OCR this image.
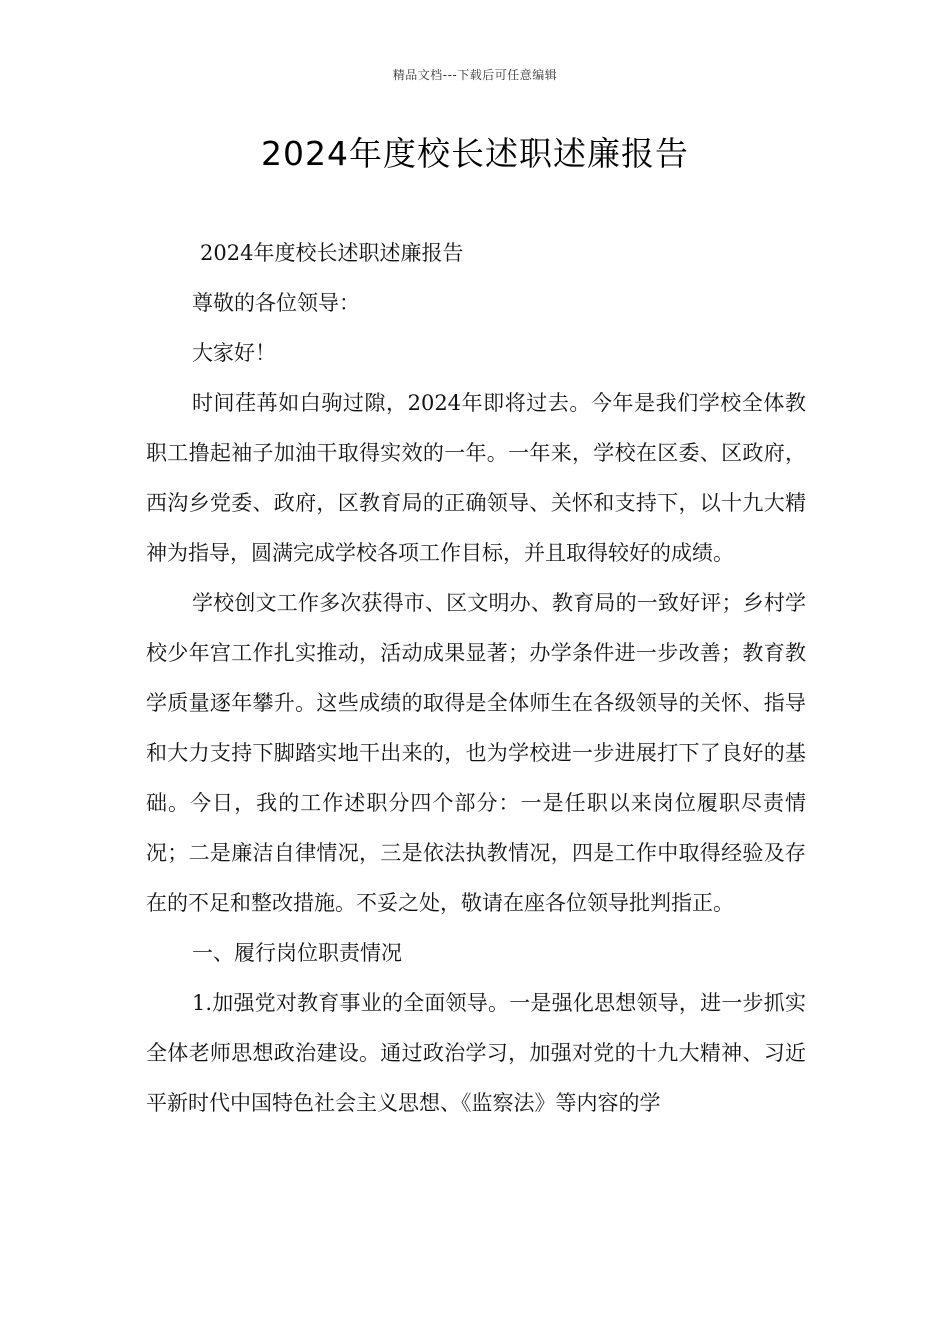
精品文档---下载后可任意编辑
2024年度校长述职述廉报告

2024年度校长述职述廉报告

尊敬的各位领导：

大家好！

时间荏苒如白驹过隙，2024年即将过去。今年是我们学校全体教职工撸起袖子加油干取得实效的一年。一年来，学校在区委、区政府，西沟乡党委、政府，区教育局的正确领导、关怀和支持下，以十九大精神为指导，圆满完成学校各项工作目标，并且取得较好的成绩。

学校创文工作多次获得市、区文明办、教育局的一致好评；乡村学校少年宫工作扎实推动，活动成果显著；办学条件进一步改善；教育教学质量逐年攀升。这些成绩的取得是全体师生在各级领导的关怀、指导和大力支持下脚踏实地干出来的，也为学校进一步进展打下了良好的基础。今日，我的工作述职分四个部分：一是任职以来岗位履职尽责情况；二是廉洁自律情况，三是依法执教情况，四是工作中取得经验及存在的不足和整改措施。不妥之处，敬请在座各位领导批判指正。

一、履行岗位职责情况

1.加强党对教育事业的全面领导。一是强化思想领导，进一步抓实全体老师思想政治建设。通过政治学习，加强对党的十九大精神、习近平新时代中国特色社会主义思想、《监察法》等内容的学
